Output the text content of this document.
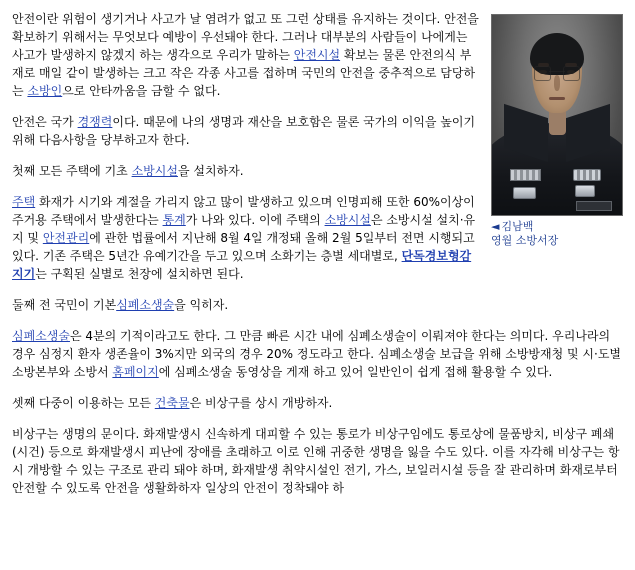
◄ 김남백
영월 소방서장

안전이란 위험이 생기거나 사고가 날 염려가 없고 또 그런 상태를 유지하는 것이다. 안전을 확보하기 위해서는 무엇보다 예방이 우선돼야 한다. 그러나 대부분의 사람들이 나에게는 사고가 발생하지 않겠지 하는 생각으로 우리가 말하는 안전시설 확보는 물론 안전의식 부재로 매일 같이 발생하는 크고 작은 각종 사고를 접하며 국민의 안전을 중추적으로 담당하는 소방인으로 안타까움을 금할 수 없다.

안전은 국가 경쟁력이다. 때문에 나의 생명과 재산을 보호함은 물론 국가의 이익을 높이기 위해 다음사항을 당부하고자 한다.

첫째 모든 주택에 기초 소방시설을 설치하자.

주택 화재가 시기와 계절을 가리지 않고 많이 발생하고 있으며 인명피해 또한 60%이상이 주거용 주택에서 발생한다는 통계가 나와 있다. 이에 주택의 소방시설은 소방시설 설치·유지 및 안전관리에 관한 법률에서 지난해 8월 4일 개정돼 올해 2월 5일부터 전면 시행되고 있다. 기존 주택은 5년간 유예기간을 두고 있으며 소화기는 층별 세대별로, 단독경보형감지기는 구획된 실별로 천장에 설치하면 된다.

둘째 전 국민이 기본심폐소생술을 익히자.

심폐소생술은 4분의 기적이라고도 한다. 그 만큼 빠른 시간 내에 심폐소생술이 이뤄져야 한다는 의미다. 우리나라의 경우 심정지 환자 생존율이 3%지만 외국의 경우 20% 정도라고 한다. 심폐소생술 보급을 위해 소방방재청 및 시·도별 소방본부와 소방서 홈페이지에 심폐소생술 동영상을 게재 하고 있어 일반인이 쉽게 접해 활용할 수 있다.

셋째 다중이 이용하는 모든 건축물은 비상구를 상시 개방하자.

비상구는 생명의 문이다. 화재발생시 신속하게 대피할 수 있는 통로가 비상구임에도 통로상에 물품방치, 비상구 폐쇄(시건) 등으로 화재발생시 피난에 장애를 초래하고 이로 인해 귀중한 생명을 잃을 수도 있다. 이를 자각해 비상구는 항시 개방할 수 있는 구조로 관리 돼야 하며, 화재발생 취약시설인 전기, 가스, 보일러시설 등을 잘 관리하며 화재로부터 안전할 수 있도록 안전을 생활화하자 일상의 안전이 정착돼야 하
